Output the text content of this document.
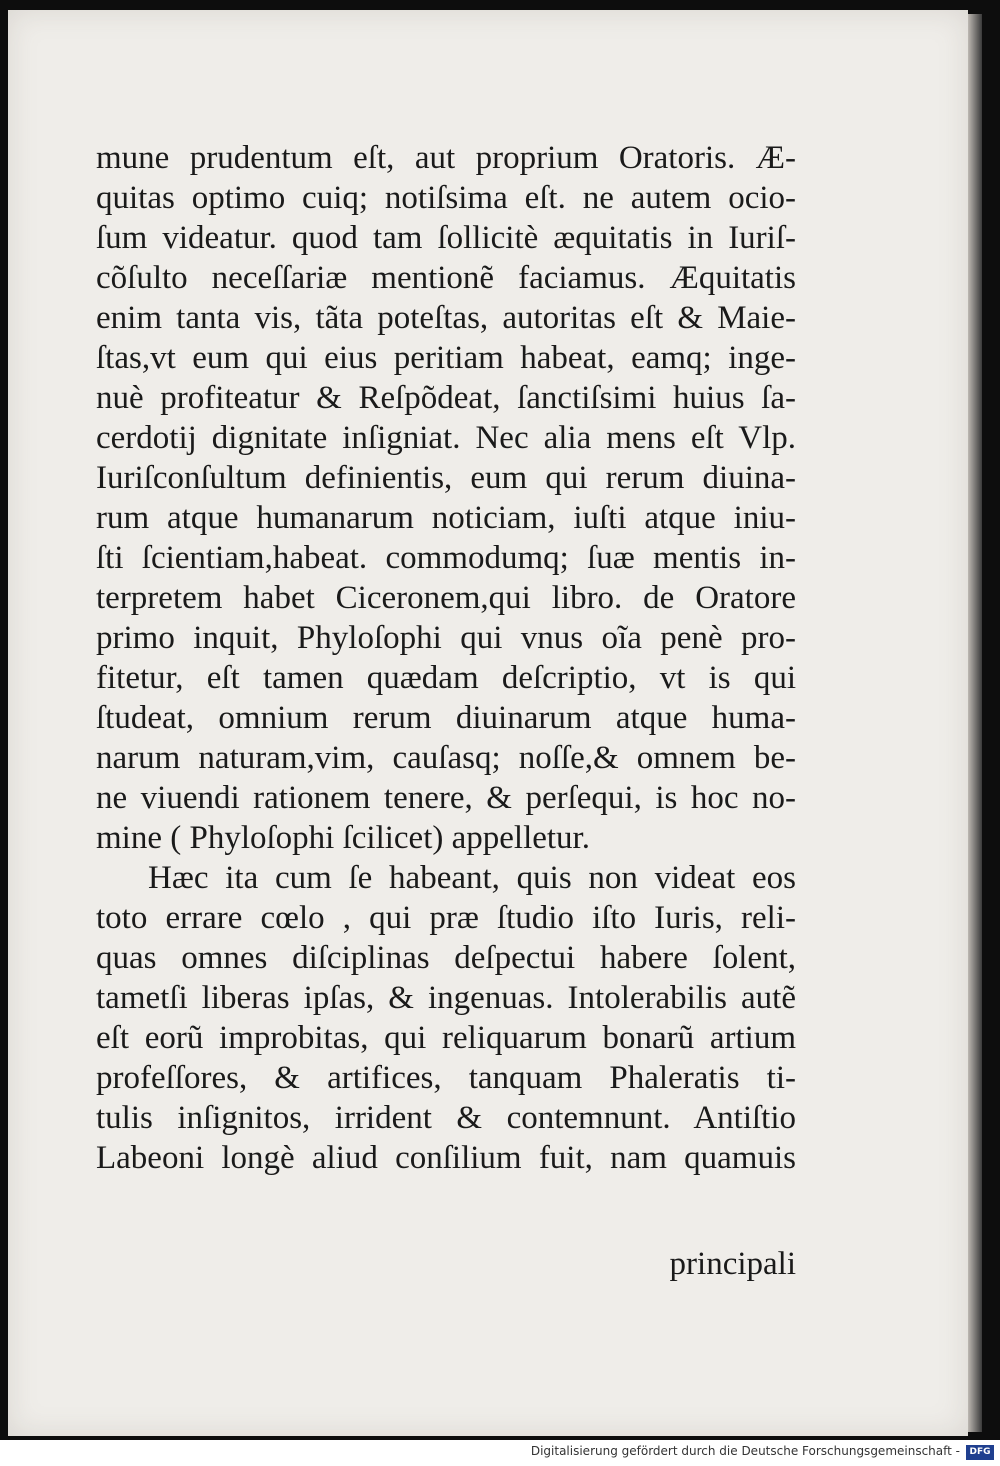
mune prudentum eſt, aut proprium Oratoris. Æ-
quitas optimo cuiq; notiſsima eſt. ne autem ocio-
ſum videatur. quod tam ſollicitè æquitatis in Iuriſ-
cõſulto neceſſariæ mentionẽ faciamus. Æquitatis
enim tanta vis, tãta poteſtas, autoritas eſt & Maie-
ſtas,vt eum qui eius peritiam habeat, eamq; inge-
nuè profiteatur & Reſpõdeat, ſanctiſsimi huius ſa-
cerdotij dignitate inſigniat. Nec alia mens eſt Vlp.
Iuriſconſultum definientis, eum qui rerum diuina-
rum atque humanarum noticiam, iuſti atque iniu-
ſti ſcientiam,habeat. commodumq; ſuæ mentis in-
terpretem habet Ciceronem,qui libro. de Oratore
primo inquit, Phyloſophi qui vnus oĩa penè pro-
fitetur, eſt tamen quædam deſcriptio, vt is qui
ſtudeat, omnium rerum diuinarum atque huma-
narum naturam,vim, cauſasq; noſſe,& omnem be-
ne viuendi rationem tenere, & perſequi, is hoc no-
mine ( Phyloſophi ſcilicet) appelletur.
Hæc ita cum ſe habeant, quis non videat eos
toto errare cœlo , qui præ ſtudio iſto Iuris, reli-
quas omnes diſciplinas deſpectui habere ſolent,
tametſi liberas ipſas, & ingenuas. Intolerabilis autẽ
eſt eorũ improbitas, qui reliquarum bonarũ artium
profeſſores, & artifices, tanquam Phaleratis ti-
tulis inſignitos, irrident & contemnunt. Antiſtio
Labeoni longè aliud conſilium fuit, nam quamuis
principali
Digitalisierung gefördert durch die Deutsche Forschungsgemeinschaft -	DFG
